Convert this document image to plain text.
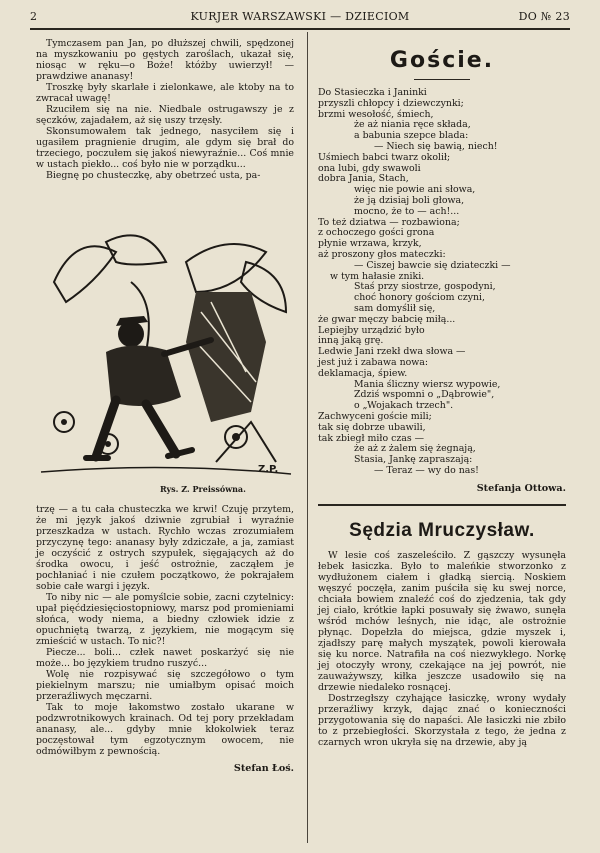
2	KURJER WARSZAWSKI — DZIECIOM	DO № 23

Tymczasem pan Jan, po dłuższej chwili, spędzonej na myszkowaniu po gęstych zaroślach, ukazał się, niosąc w ręku—o Boże! któżby uwierzył! — prawdziwe ananasy!

Troszkę były skarlałe i zielonkawe, ale ktoby na to zwracał uwagę!

Rzuciłem się na nie. Niedbale ostrugawszy je z sęczków, zajadałem, aż się uszy trzęsły.

Skonsumowałem tak jednego, nasyciłem się i ugasiłem pragnienie drugim, ale gdym się brał do trzeciego, poczułem się jakoś niewyraźnie... Coś mnie w ustach piekło... coś było nie w porządku...

Biegnę po chusteczkę, aby obetrzeć usta, pa-

Z.P.
Rys. Z. Preissówna.

trzę — a tu cała chusteczka we krwi! Czuję przytem, że mi język jakoś dziwnie zgrubiał i wyraźnie przeszkadza w ustach. Rychło wczas zrozumiałem przyczynę tego: ananasy były zdziczałe, a ja, zamiast je oczyścić z ostrych szypułek, sięgających aż do środka owocu, i jeść ostrożnie, zacząłem je pochłaniać i nie czułem początkowo, że pokrajałem sobie całe wargi i język.

To niby nic — ale pomyślcie sobie, zacni czytelnicy: upał pięćdziesięciostopniowy, marsz pod promieniami słońca, wody niema, a biedny człowiek idzie z opuchniętą twarzą, z językiem, nie mogącym się zmieścić w ustach. To nic?!

Piecze... boli... człek nawet poskarżyć się nie może... bo językiem trudno ruszyć...

Wolę nie rozpisywać się szczegółowo o tym piekielnym marszu; nie umiałbym opisać moich przeraźliwych męczarni.

Tak to moje łakomstwo zostało ukarane w podzwrotnikowych krainach. Od tej pory przekładam ananasy, ale... gdyby mnie kłokolwiek teraz poczęstował tym egzotycznym owocem, nie odmówiłbym z pewnością.

Stefan Łoś.
Goście.
Do Stasieczka i Janinki
przyszli chłopcy i dziewczynki;
brzmi wesołość, śmiech,
że aż niania ręce składa,
a babunia szepce blada:
— Niech się bawią, niech!
Uśmiech babci twarz okolił;
ona lubi, gdy swawoli
dobra Jania, Stach,
więc nie powie ani słowa,
że ją dzisiaj boli głowa,
mocno, że to — ach!...
To też dziatwa — rozbawiona;
z ochoczego gości grona
płynie wrzawa, krzyk,
aż proszony głos mateczki:
— Ciszej bawcie się dziateczki —
w tym hałasie zniki.
Staś przy siostrze, gospodyni,
choć honory gościom czyni,
sam domyślił się,
że gwar męczy babcię miłą...
Lepiejby urządzić było
inną jaką grę.
Ledwie Jani rzekł dwa słowa —
jest już i zabawa nowa:
deklamacja, śpiew.
Mania śliczny wiersz wypowie,
Zdziś wspomni o „Dąbrowie",
o „Wojakach trzech".
Zachwyceni goście mili;
tak się dobrze ubawili,
tak zbiegł miło czas —
że aż z żalem się żegnają,
Stasia, Jankę zapraszają:
— Teraz — wy do nas!
Stefanja Ottowa.
Sędzia Mruczysław.

W lesie coś zaszeleściło. Z gąszczy wysunęła łebek łasiczka. Było to maleńkie stworzonko z wydłużonem ciałem i gładką siercią. Noskiem węszyć poczęła, zanim puściła się ku swej norce, chciała bowiem znaleźć coś do zjedzenia, tak gdy jej ciało, krótkie łapki posuwały się żwawo, sunęła wśród mchów leśnych, nie idąc, ale ostrożnie płynąc. Dopełzła do miejsca, gdzie myszek i, zjadłszy parę małych myszątek, powoli kierowała się ku norce. Natrafiła na coś niezwykłego. Norkę jej otoczyły wrony, czekające na jej powrót, nie zauważywszy, kiłka jeszcze usadowiło się na drzewie niedaleko rosnącej.

Dostrzegłszy czyhające łasiczkę, wrony wydały przeraźliwy krzyk, dając znać o konieczności przygotowania się do napaści. Ale łasiczki nie zbiło to z przebiegłości. Skorzystała z tego, że jedna z czarnych wron ukryła się na drzewie, aby ją
